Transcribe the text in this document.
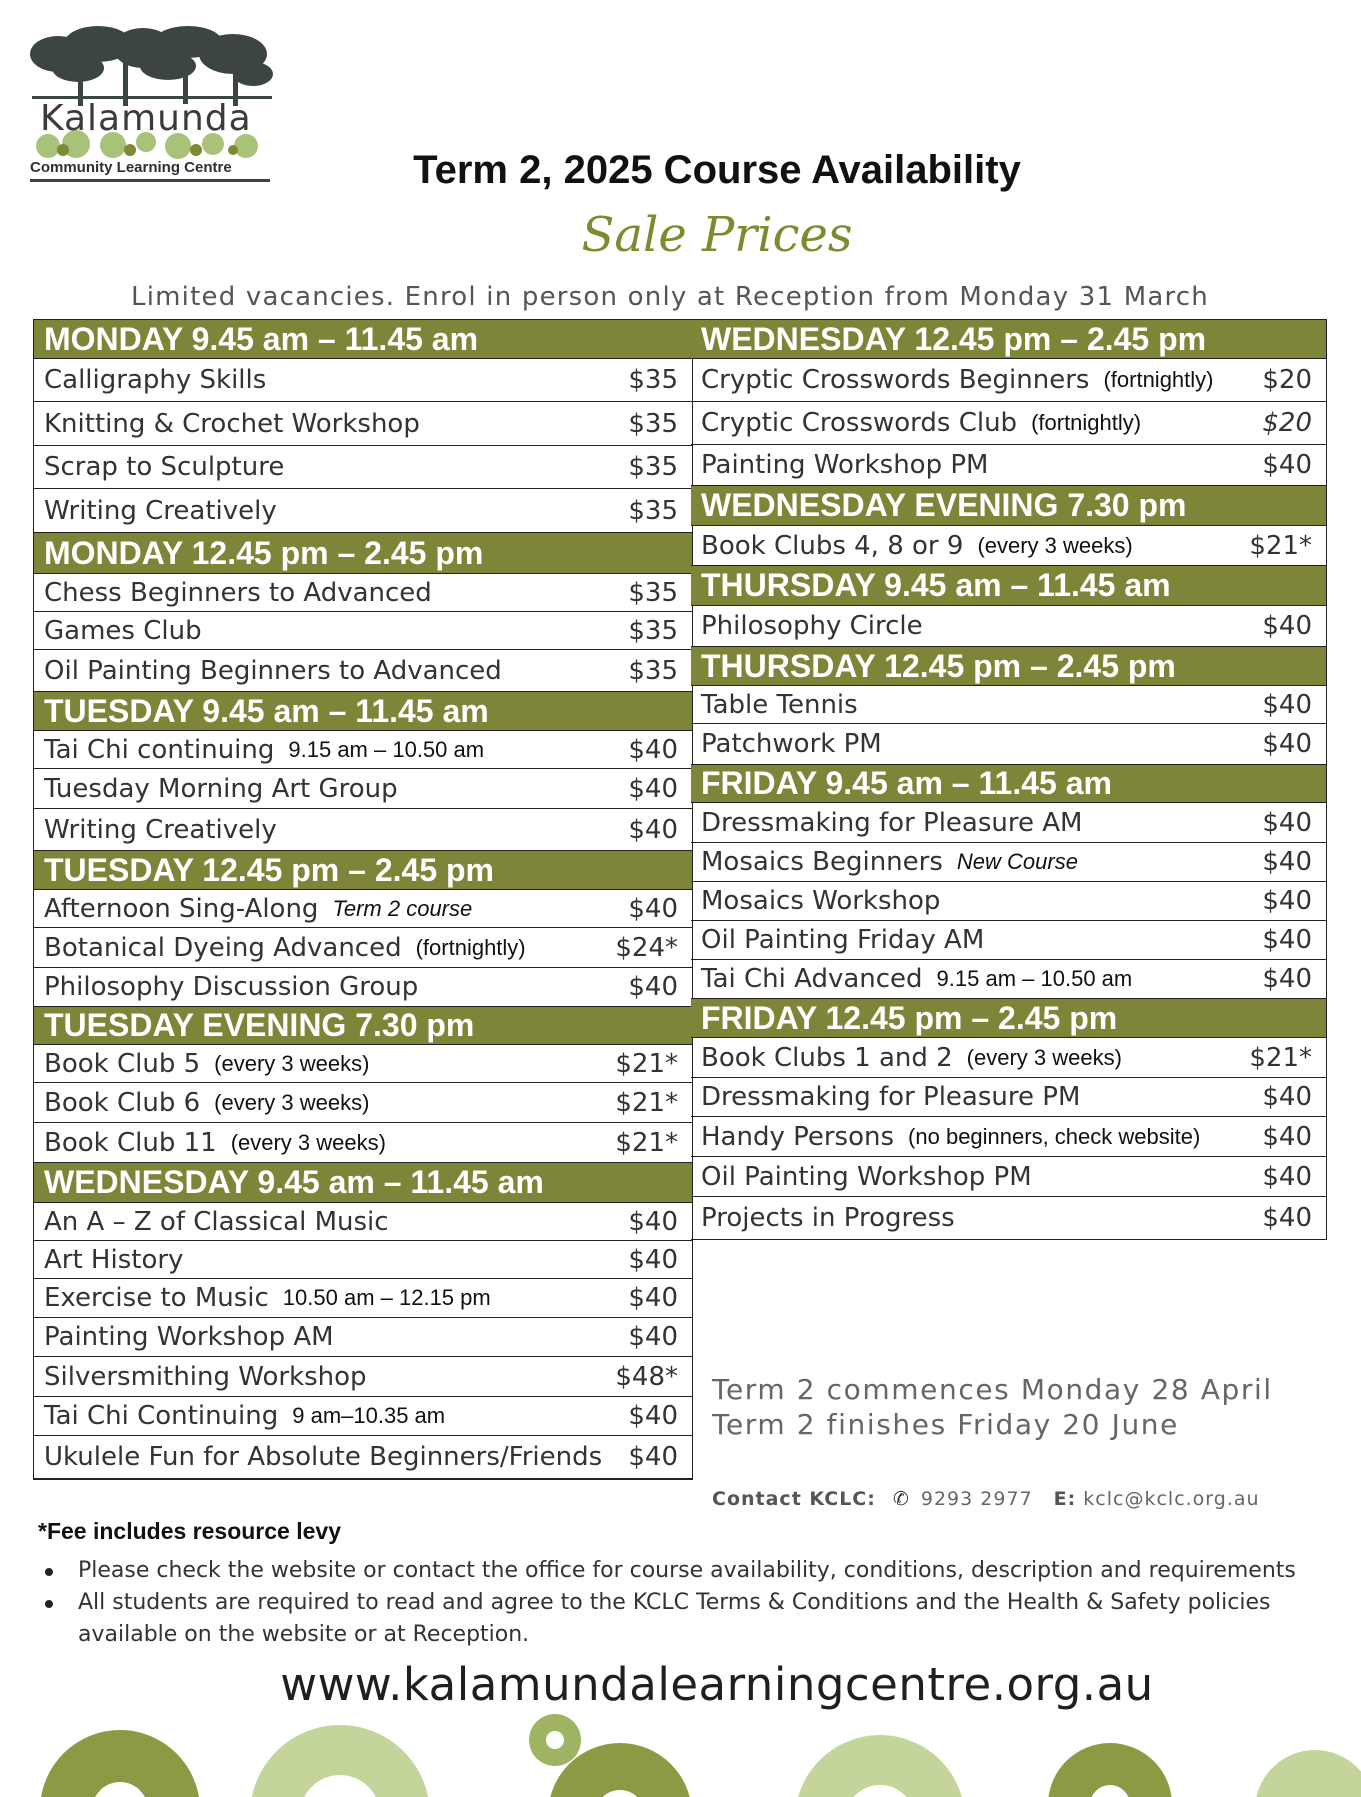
Kalamunda
Community Learning Centre	Term 2, 2025 Course Availability
Sale Prices
Limited vacancies. Enrol in person only at Reception from Monday 31 March
MONDAY 9.45 am – 11.45 am
Calligraphy Skills	$35
Knitting & Crochet Workshop	$35
Scrap to Sculpture	$35
Writing Creatively	$35
MONDAY 12.45 pm – 2.45 pm
Chess Beginners to Advanced	$35
Games Club	$35
Oil Painting Beginners to Advanced	$35
TUESDAY 9.45 am – 11.45 am
Tai Chi continuing 9.15 am – 10.50 am	$40
Tuesday Morning Art Group	$40
Writing Creatively	$40
TUESDAY 12.45 pm – 2.45 pm
Afternoon Sing-Along Term 2 course	$40
Botanical Dyeing Advanced (fortnightly)	$24*
Philosophy Discussion Group	$40
TUESDAY EVENING 7.30 pm
Book Club 5 (every 3 weeks)	$21*
Book Club 6 (every 3 weeks)	$21*
Book Club 11 (every 3 weeks)	$21*
WEDNESDAY 9.45 am – 11.45 am
An A – Z of Classical Music	$40
Art History	$40
Exercise to Music 10.50 am – 12.15 pm	$40
Painting Workshop AM	$40
Silversmithing Workshop	$48*
Tai Chi Continuing 9 am–10.35 am	$40
Ukulele Fun for Absolute Beginners/Friends $40
WEDNESDAY 12.45 pm – 2.45 pm
Cryptic Crosswords Beginners (fortnightly) $20
Cryptic Crosswords Club (fortnightly)	$20
Painting Workshop PM	$40
WEDNESDAY EVENING 7.30 pm
Book Clubs 4, 8 or 9 (every 3 weeks)	$21*
THURSDAY 9.45 am – 11.45 am
Philosophy Circle	$40
THURSDAY 12.45 pm – 2.45 pm
Table Tennis	$40
Patchwork PM	$40
FRIDAY 9.45 am – 11.45 am
Dressmaking for Pleasure AM	$40
Mosaics Beginners New Course	$40
Mosaics Workshop	$40
Oil Painting Friday AM	$40
Tai Chi Advanced 9.15 am – 10.50 am	$40
FRIDAY 12.45 pm – 2.45 pm
Book Clubs 1 and 2 (every 3 weeks)	$21*
Dressmaking for Pleasure PM	$40
Handy Persons (no beginners, check website) $40
Oil Painting Workshop PM	$40
Projects in Progress	$40
Term 2 commences Monday 28 April
Term 2 finishes Friday 20 June
Contact KCLC: ✆ 9293 2977 E: kclc@kclc.org.au
*Fee includes resource levy
Please check the website or contact the office for course availability, conditions, description and requirements
All students are required to read and agree to the KCLC Terms & Conditions and the Health & Safety policies available on the website or at Reception.
www.kalamundalearningcentre.org.au
